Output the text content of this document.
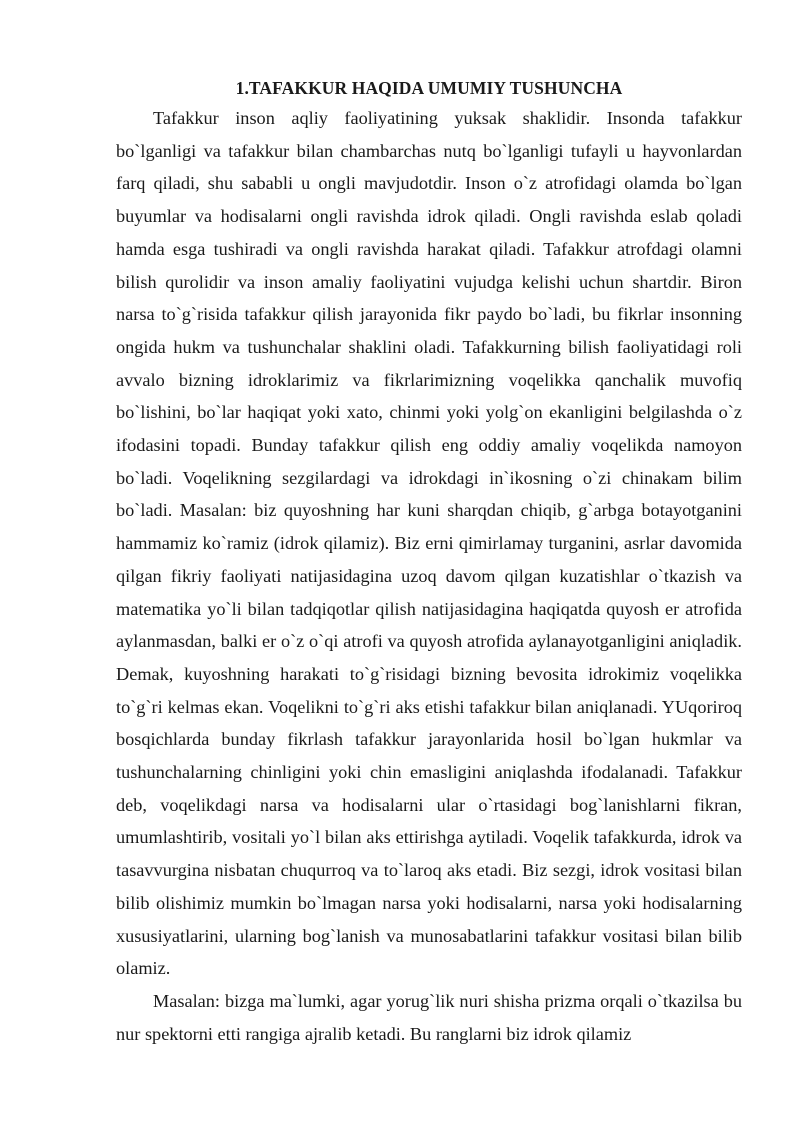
1.TAFAKKUR HAQIDA UMUMIY TUSHUNCHA

Tafakkur inson aqliy faoliyatining yuksak shaklidir. Insonda tafakkur bo`lganligi va tafakkur bilan chambarchas nutq bo`lganligi tufayli u hayvonlardan farq qiladi, shu sababli u ongli mavjudotdir. Inson o`z atrofidagi olamda bo`lgan buyumlar va hodisalarni ongli ravishda idrok qiladi. Ongli ravishda eslab qoladi hamda esga tushiradi va ongli ravishda harakat qiladi. Tafakkur atrofdagi olamni bilish qurolidir va inson amaliy faoliyatini vujudga kelishi uchun shartdir. Biron narsa to`g`risida tafakkur qilish jarayonida fikr paydo bo`ladi, bu fikrlar insonning ongida hukm va tushunchalar shaklini oladi. Tafakkurning bilish faoliyatidagi roli avvalo bizning idroklarimiz va fikrlarimizning voqelikka qanchalik muvofiq bo`lishini, bo`lar haqiqat yoki xato, chinmi yoki yolg`on ekanligini belgilashda o`z ifodasini topadi. Bunday tafakkur qilish eng oddiy amaliy voqelikda namoyon bo`ladi. Voqelikning sezgilardagi va idrokdagi in`ikosning o`zi chinakam bilim bo`ladi. Masalan: biz quyoshning har kuni sharqdan chiqib, g`arbga botayotganini hammamiz ko`ramiz (idrok qilamiz). Biz erni qimirlamay turganini, asrlar davomida qilgan fikriy faoliyati natijasidagina uzoq davom qilgan kuzatishlar o`tkazish va matematika yo`li bilan tadqiqotlar qilish natijasidagina haqiqatda quyosh er atrofida aylanmasdan, balki er o`z o`qi atrofi va quyosh atrofida aylanayotganligini aniqladik. Demak, kuyoshning harakati to`g`risidagi bizning bevosita idrokimiz voqelikka to`g`ri kelmas ekan. Voqelikni to`g`ri aks etishi tafakkur bilan aniqlanadi. YUqoriroq bosqichlarda bunday fikrlash tafakkur jarayonlarida hosil bo`lgan hukmlar va tushunchalarning chinligini yoki chin emasligini aniqlashda ifodalanadi. Tafakkur deb, voqelikdagi narsa va hodisalarni ular o`rtasidagi bog`lanishlarni fikran, umumlashtirib, vositali yo`l bilan aks ettirishga aytiladi. Voqelik tafakkurda, idrok va tasavvurgina nisbatan chuqurroq va to`laroq aks etadi. Biz sezgi, idrok vositasi bilan bilib olishimiz mumkin bo`lmagan narsa yoki hodisalarni, narsa yoki hodisalarning xususiyatlarini, ularning bog`lanish va munosabatlarini tafakkur vositasi bilan bilib olamiz.

Masalan: bizga ma`lumki, agar yorug`lik nuri shisha prizma orqali o`tkazilsa bu nur spektorni etti rangiga ajralib ketadi. Bu ranglarni biz idrok qilamiz
